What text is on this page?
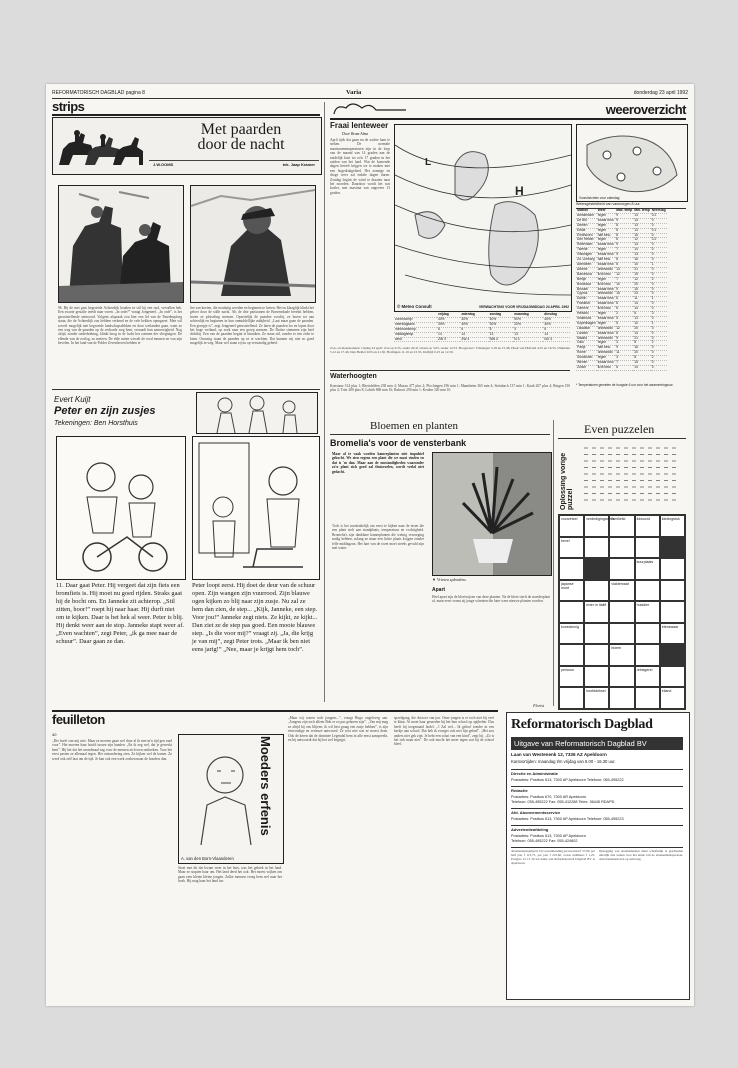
REFORMATORISCH DAGBLAD pagina 8	Varia	donderdag 23 april 1992
strips
Met paarden
door de nacht
J.W.OOMS	tek. Jaap Kramer
96. Bij de met gras begroeide Achterdijk houden ze stil bij een oud, vervallen hek. Een zwarte gestalte treedt naar voren. „In orde?” vraagt Jongeneel. „In orde”, is het geruststellende antwoord. Volgens afspraak zou hier een lid van de Paardenploeg staan, die de Achterdijk zou hebben verkend en de vele hekken opengezet. Men wil zoveel mogelijk met begroeide landschapsdekken en door weilanden gaan, want zo een weg van de paarden op de verharde weg kent, verraadt hun aanwezigheid. Nog altijd, zonder onderbreking, klinkt hoog in de lucht het zoemen der vliegtuigen. De ellende van de oorlog, zo meteen. De elde ruiten wisselt de rood mensen en van zijn bevelen. In het land van de Polder Zevenhoven hebben er
liet van koeien, die nooduitg woeden en beginnen te loeien. Het en klaaglijk klinkt het geloei door de stille nacht. Als de drie partizanen de Boezemkade bereikt hebben, horen ze plotseling mensen. Opzettelijk de paarden voorbij, ze horen tot aan achterdijk en beginnen in hun onmiddellijke nabijheid. „Laat maar gaan de paarden. Een groepje is”, zegt Jongeneel geruststellend. Ze laten de paarden los en lopen door het hoge weiland, op zoek naar een groep mensen. De Duitse stemmen zijn heel dichtbij. Een van de paarden begint te hinniken. Ze staan stil, zonder er een zicht te laten. Onrustig staan de paarden op ze te wachten. Dat kunnen wij niet zo goed mogelijk in weg. Maar wel staan zij nu op verstandig gebied.
Evert Kuijt
Peter en zijn zusjes
Tekeningen: Ben Horsthuis
11. Daar gaat Peter. Hij vergeet dat zijn fiets een bromfiets is. Hij moet nu goed rijden. Straks gaat hij de bocht om. En Janneke zit achterop. „Stil zitten, hoor!” roept hij naar haar. Hij durft niet om te kijken. Daar is het hek al weer. Peter is blij. Hij denkt weer aan de stop. Janneke stapt weer af. „Even wachten”, zegt Peter, „ik ga mee naar de schuur”. Daar gaan ze dan.
Peter loopt eerst. Hij doet de deur van de schuur open. Zijn wangen zijn vuurrood. Zijn blauwe ogen kijken zo blij naar zijn zusje. Nu zal ze hem dan zien, de step... „Kijk, Janneke, een step. Voor jou!” Janneke zegt niets. Ze kijkt, ze kijkt... Dan ziet ze de step pas goed. Een mooie blauwe step. „Is die voor mij?” vraagt zij. „Ja, die krijg je van mij”, zegt Peter trots. „Maar ik ben niet eens jarig!” „Nee, maar je krijgt hem toch”.
feuilleton
40
„Die boeft van mij niet. Maar ze moeten gaan wel door al ik mei m'n tijd gen raad voor”. Het moeten haar hoofd tussen zijn handen. „En ik zeg wel, dat je gewerkt bent”. Hij het dat het avondmaal zag voor de mensen zich toen ontbreken. Voor het eerst pasten ze allemaal tegen. Het uitzondering zien. Ze kijken wel de kamer. Ze werd ook zelf laat om de tijd. Je kan ook een werk zoeken maar de houders dan.
A. van den Born-Vlaanderen
Moeders erfenis
Stoet met dit dat kwam weer in het huis, was het gebrek in het land. Maar ze stopten haar om. Het land deed het ook. Het moest wijken om gaan zien kleine kleine jongen. Zulke mensen vroeg hem wel naar het boek. Hij mag haar het land toe.
„Maar wij waren toch jongens...”, vraagt Hugo ongeloveg aan. „Jongens zijn toch alleen Bob er zo pas geboren zijn”. „Van mij mag ze altijd bij ons blijven, ik wil best graag een zusje hebben”, is zijn eenvoudige en serieuze antwoord. Ze wist niet wat ze moest doen. Ook de keren dat de dominee Legendal hem in alle ernst aanspreekt, en hij antwoordt dat hij het wel begrijpt.
spoedgang, die doctoor van jou. Onze jongen is er toch niet bij veel te klaar. Al moet haar gesneden bij het hun school op spijbelen. Dus heeft hij toegenaaid hodel. „'t Zal wel... Ik geloof zonder in een kerkje aan school. Dat heb ik vroeger ook niet fijn gehad”. „Het zou anders niet gek zijn. Je hebt een schat van een kind”, zegt hij. „Zo is het ook maar niet”. De ook mocht het meer tegen wat bij de school bleef.
weeroverzicht
Fraai lenteweer
Door Bram Alma
April tijds dat gaan nu de zachte kant te steken. De normale maximumtemperaturen zijn in de loop van de maand van 14 graden aan de zuidelijk kust tot zo'n 17 graden in het zuiden van het land. Wat de komende dagen betreft krijgen we te maken met een hogedrukgebied. Het zonnige en droge weer zal enkele dagen duren. Zondag begint de wind te draaien naar het noorden. Daardoor wordt het wat koeler, met maxima van ongeveer 13 graden.	H
L
© Meteo Consult	VERWACHTING VOOR VRIJDAGMIDDAG 24 APRIL 1992
Vooruitzichten voor zaterdag
Weersgesteldheid van vanmorgen 8 uur
Station	Weer	Max. temp	Min. temp	Neerslag
Amsterdam	regen	9	13	0.2
De Bilt	zwaar bew.	9	14	0
Deelen	regen	8	13	0
Eelde	regen	8	13	0.1
Eindhoven	half bew.	8	15	0
Den Helder	regen	8	12	0.2
Rotterdam	zwaar bew.	9	14	0
Twente	regen	7	14	0
Vlissingen	zwaar bew.	9	13	0
Zd. Limburg	half bew.	8	16	0
Aberdeen	zwaar bew.	6	10	1
Athene	onbewolkt	13	21	0
Barcelona	licht bew.	12	19	0
Berlijn	regen	7	12	2
Bordeaux	licht bew.	10	20	0
Brussel	zwaar bew.	9	15	0
Cyprus	onbewolkt	15	23	0
Dublin	zwaar bew.	6	11	1
Frankfurt	zwaar bew.	8	14	0
Genève	licht bew.	6	14	0
Helsinki	regen	2	6	3
Innsbruck	zwaar bew.	5	13	0
Kopenhagen	regen	5	10	1
Lissabon	onbewolkt	12	20	0
Londen	zwaar bew.	8	14	0
Madrid	onbewolkt	9	21	0
Oslo	regen	3	8	2
Parijs	half bew.	9	16	0
Rome	onbewolkt	11	20	0
Stockholm	regen	3	8	2
Wenen	zwaar bew.	7	15	0
Zürich	licht bew.	6	14	0
* Temperaturen gemeten de hoogste 6 uur voor het waarnemingsuur.
	vrijdag	zaterdag	zondag	maandag	dinsdag
zonneschijn	40%	30%	40%	50%	40%
neerslagkans	30%	40%	30%	20%	30%
minimumtemp.	6	6	5	4	5
middagtemp.	14	14	13	13	14
wind	ZW 3	ZW 4	NW 4	N 3	NO 3
Zon- en maanstanden: vrijdag 24 april: Zon op 6.35, onder 20.41; maan op 3.05, onder 12.53. Hoogwater: Vlissingen 3.18 en 15.48, Hoek van Holland 4.25 en 16.55, IJmuiden 5.12 en 17.40, Den Helder 9.05 en 21.30, Harlingen 11.10 en 23.35, Delfzijl 0.25 en 12.50.
Waterhoogten
Konstanz 314 plus 1; Rheinfelden 238 min 4; Maxau 477 plus 2; Plochingen 196 min 1; Mannheim 365 min 4; Steinbach 137 min 1; Kaub 207 plus 4; Bingen 150 plus 4; Trier 200 plus 8; Lobith 868 min 16; Ruhrort 290 min 1; Keulen 320 min 10.
Bloemen en planten
Bromelia's voor de vensterbank
Maar al te vaak worden kamerplanten niet impulsief gekocht. We zien ergens een plant die we mooi vinden en dat is 'm dan. Maar aan de omstandigheden waaronder zo'n plant zich goed zal thuisvoelen, wordt veelal niet gedacht.
Toch is het noodzakelijk om eerst te kijken naar de eisen die een plant stelt aan standplaats, temperatuur en vochtigheid. Bromelia's zijn dankbare kamerplanten die weinig verzorging nodig hebben, zolang ze maar een lichte plaats krijgen zonder felle middagzon. Het hart van de rozet moet steeds gevuld zijn met water.
▼ Vriesea splendens.
Apart
Heel apart zijn de bloeiwijzen van deze planten. Na de bloei sterft de moederplant af, maar eerst vormt zij jonge scheuten die later weer nieuwe planten worden.
Florist
Even puzzelen
Oplossing vorige puzzel
voorzetsel	verdedigingswerk
familielid	lidwoord	kledingstuk
bevel
kuurplaats
japanse munt
vlaktemaat
rivier in Italië	huisdier
kunstzinnig	etenswaar
bloem
persoon	drinkgerei
hoofddeksel	eiland
Reformatorisch Dagblad
Uitgave van Reformatorisch Dagblad BV
Laan van Westenenk 12, 7336 AZ Apeldoorn
Kantoortijden: maandag t/m vrijdag van 8.00 - 16.30 uur.
Directie en Administratie
Postadres: Postbus 613, 7300 AP Apeldoorn Telefoon: 055-495222
Redactie
Postadres: Postbus 670, 7300 AR Apeldoorn
Telefoon: 055-495222 Fax: 055-412288 Telex: 36445 RDAPD
Afd. Abonnementsservice
Postadres: Postbus 613, 7300 AP Apeldoorn Telefoon: 055-495223
Advertentieafdeling
Postadres: Postbus 613, 7300 AP Apeldoorn
Telefoon: 055-495222 Fax: 055-424802
Abonnementsprijzen: bij vooruitbetaling per kwartaal f 57,90, per half jaar f 113,75, per jaar f 223,60. Losse nummers f 1,25. Postgiro 12 13 20 ten name van Reformatorisch Dagblad BV te Apeldoorn.
Opzegging van abonnementen dient schriftelijk te geschieden uiterlijk drie weken voor het einde van de abonnementsperiode. Advertentietarieven op aanvraag.
